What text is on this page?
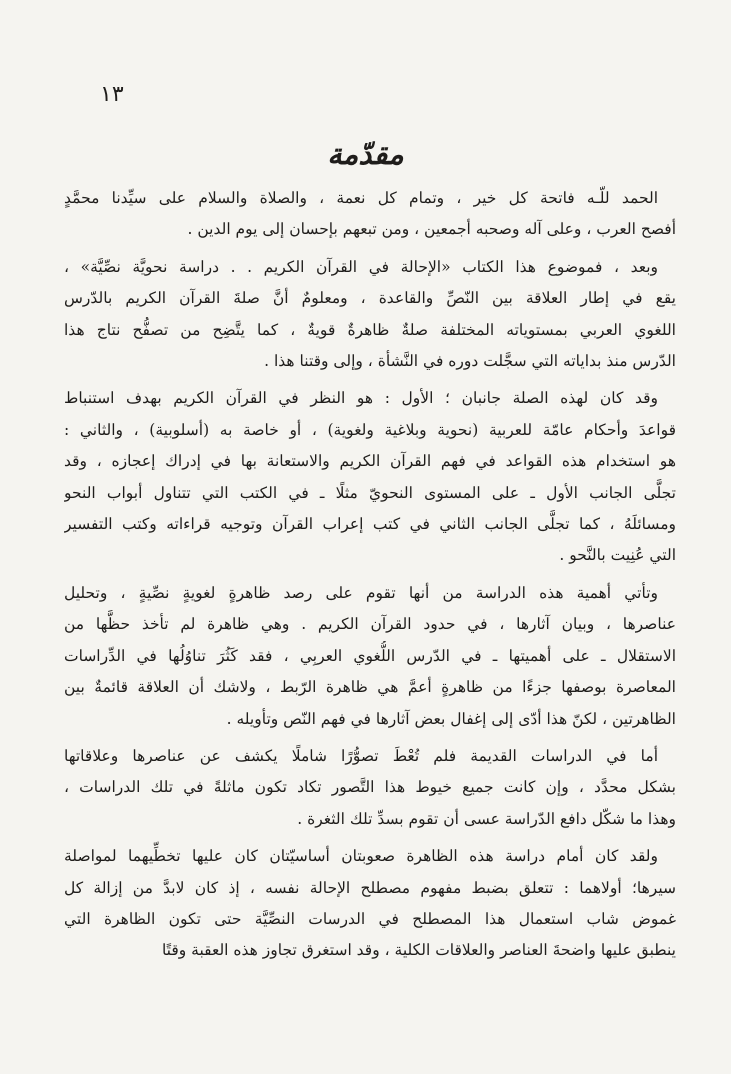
١٣
مقدّمة
الحمد للّـه فاتحة كل خير ، وتمام كل نعمة ، والصلاة والسلام على سيِّدنا محمَّدٍ
أفصح العرب ، وعلى آله وصحبه أجمعين ، ومن تبعهم بإحسان إلى يوم الدين .
وبعد ، فموضوع هذا الكتاب «الإحالة في القرآن الكريم . . دراسة نحويَّة نصِّيَّة» ،
يقع في إطار العلاقة بين النّصِّ والقاعدة ، ومعلومٌ أنَّ صلةَ القرآن الكريم بالدّرس
اللغوي العربي بمستوياته المختلفة صلةٌ ظاهرةٌ قويةٌ ، كما يتَّضِح من تصفُّح نتاج هذا
الدّرس منذ بداياته التي سجَّلت دوره في النَّشأة ، وإلى وقتنا هذا .
وقد كان لهذه الصلة جانبان ؛ الأول : هو النظر في القرآن الكريم بهدف استنباط
قواعدَ وأحكام عامّة للعربية (نحوية وبلاغية ولغوية) ، أو خاصة به (أسلوبية) ، والثاني :
هو استخدام هذه القواعد في فهم القرآن الكريم والاستعانة بها في إدراك إعجازه ، وقد
تجلَّى الجانب الأول ـ على المستوى النحويّ مثلًا ـ في الكتب التي تتناول أبواب النحو
ومسائلَهُ ، كما تجلَّى الجانب الثاني في كتب إعراب القرآن وتوجيه قراءاته وكتب التفسير
التي عُنِيت بالنَّحو .
وتأتي أهمية هذه الدراسة من أنها تقوم على رصد ظاهرةٍ لغويةٍ نصِّيةٍ ، وتحليل
عناصرها ، وبيان آثارها ، في حدود القرآن الكريم . وهي ظاهرة لم تأخذ حظَّها من
الاستقلال ـ على أهميتها ـ في الدّرس اللُّغوي العربِي ، فقد كَثُرَ تناوُلُها في الدِّراسات
المعاصرة بوصفها جزءًا من ظاهرةٍ أعمَّ هي ظاهرة الرّبط ، ولاشك أن العلاقة قائمةٌ بين
الظاهرتين ، لكنّ هذا أدّى إلى إغفال بعض آثارها في فهم النّص وتأويله .
أما في الدراسات القديمة فلم تُعْطَ تصوُّرًا شاملًا يكشف عن عناصرها وعلاقاتها
بشكل محدَّد ، وإن كانت جميع خيوط هذا التَّصور تكاد تكون ماثلةً في تلك الدراسات ،
وهذا ما شكّل دافع الدّراسة عسى أن تقوم بسدِّ تلك الثغرة .
ولقد كان أمام دراسة هذه الظاهرة صعوبتان أساسيّتان كان عليها تخطِّيهما لمواصلة
سيرها؛ أولاهما : تتعلق بضبط مفهوم مصطلح الإحالة نفسه ، إذ كان لابدَّ من إزالة كل
غموض شاب استعمال هذا المصطلح في الدرسات النصِّيَّة حتى تكون الظاهرة التي
ينطبق عليها واضحةَ العناصر والعلاقات الكلية ، وقد استغرق تجاوز هذه العقبة وقتًا
